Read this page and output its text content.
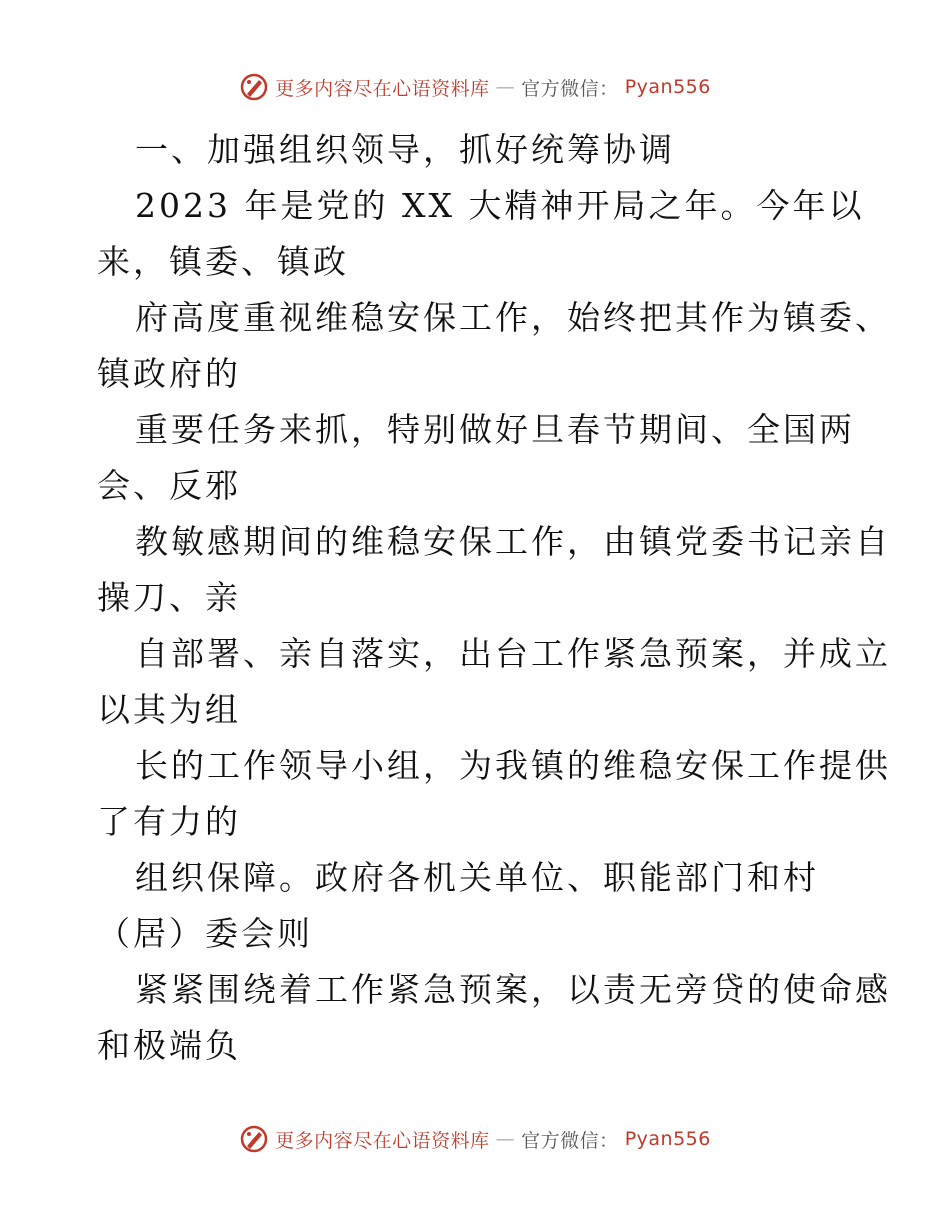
更多内容尽在心语资料库 — 官方微信： Pyan556
一、加强组织领导，抓好统筹协调
2023 年是党的 XX 大精神开局之年。今年以
来，镇委、镇政
府高度重视维稳安保工作，始终把其作为镇委、
镇政府的
重要任务来抓，特别做好旦春节期间、全国两
会、反邪
教敏感期间的维稳安保工作，由镇党委书记亲自
操刀、亲
自部署、亲自落实，出台工作紧急预案，并成立
以其为组
长的工作领导小组，为我镇的维稳安保工作提供
了有力的
组织保障。政府各机关单位、职能部门和村
（居）委会则
紧紧围绕着工作紧急预案，以责无旁贷的使命感
和极端负
更多内容尽在心语资料库 — 官方微信： Pyan556
